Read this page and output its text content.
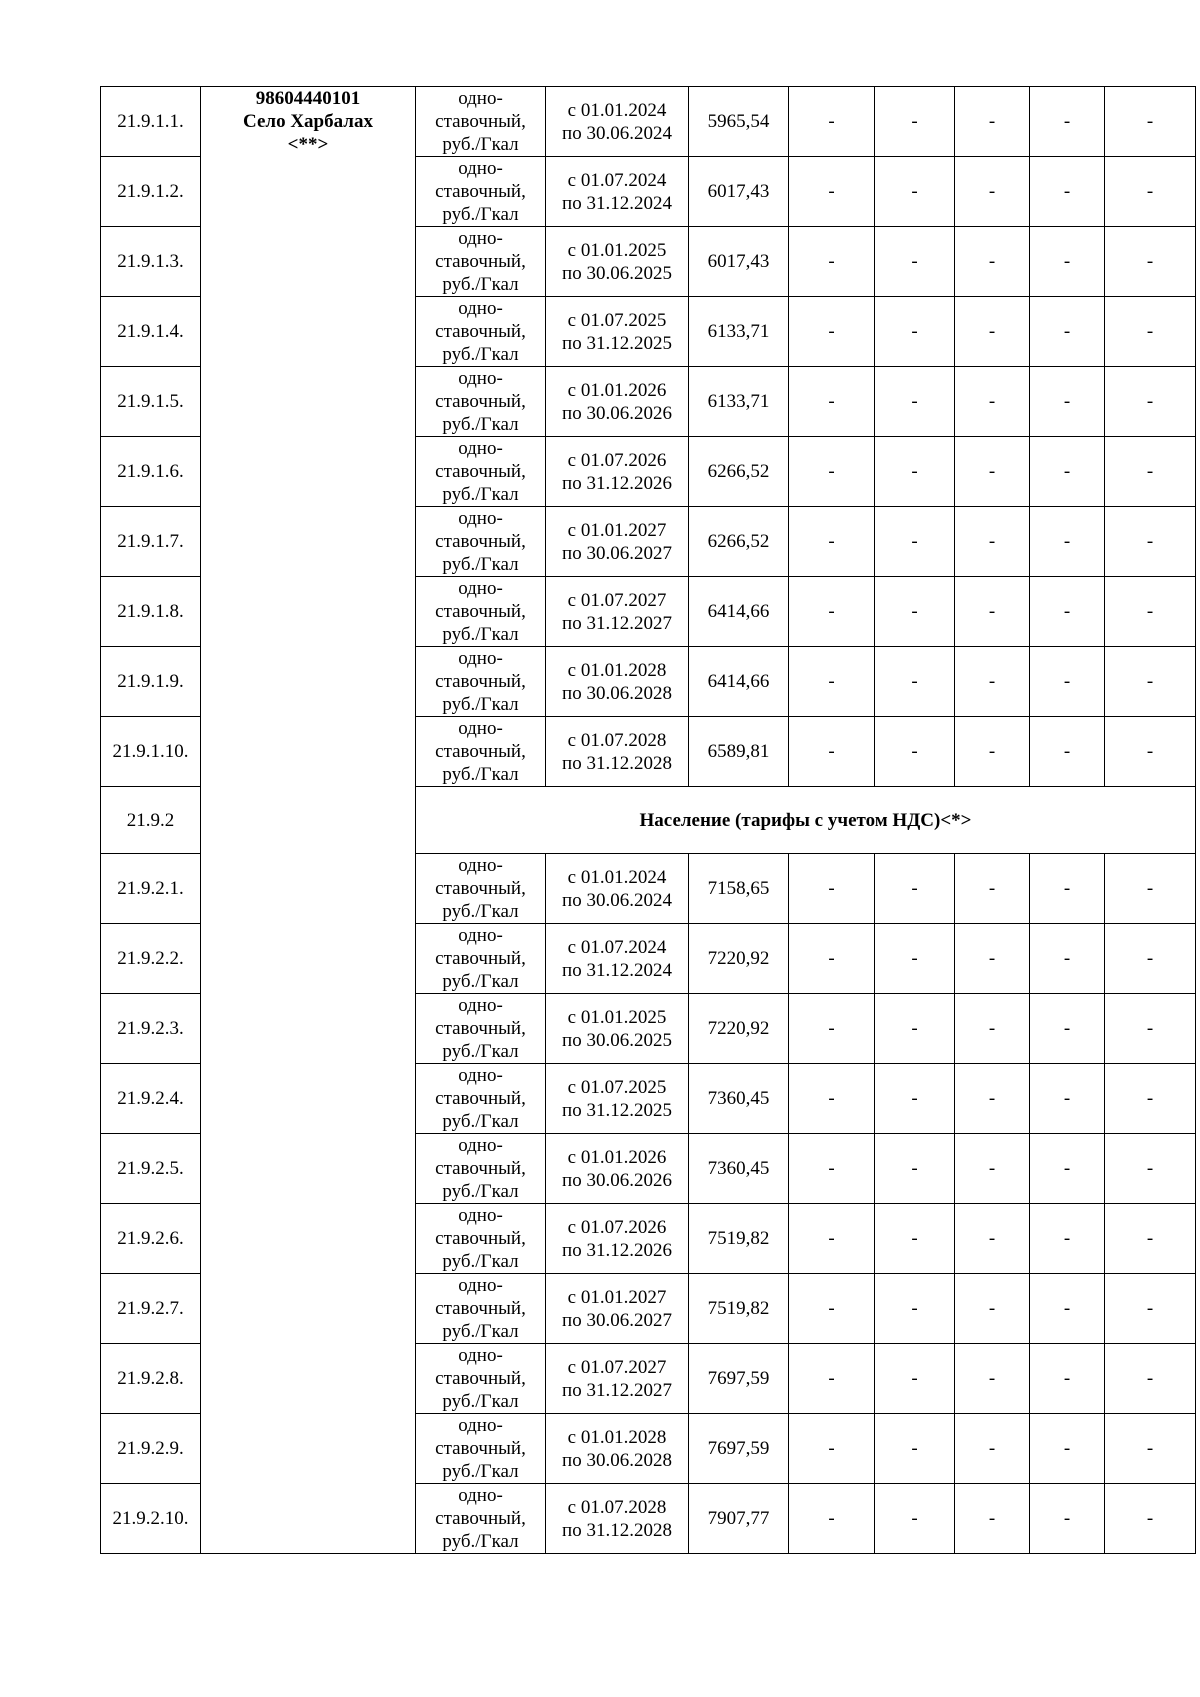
21.9.1.1.	98604440101
Село Харбалах
<**>	одно-
ставочный,
руб./Гкал	с 01.01.2024
по 30.06.2024	5965,54	-	-	-	-	-
21.9.1.2.		одно-
ставочный,
руб./Гкал	с 01.07.2024
по 31.12.2024	6017,43	-	-	-	-	-
21.9.1.3.		одно-
ставочный,
руб./Гкал	с 01.01.2025
по 30.06.2025	6017,43	-	-	-	-	-
21.9.1.4.		одно-
ставочный,
руб./Гкал	с 01.07.2025
по 31.12.2025	6133,71	-	-	-	-	-
21.9.1.5.		одно-
ставочный,
руб./Гкал	с 01.01.2026
по 30.06.2026	6133,71	-	-	-	-	-
21.9.1.6.		одно-
ставочный,
руб./Гкал	с 01.07.2026
по 31.12.2026	6266,52	-	-	-	-	-
21.9.1.7.		одно-
ставочный,
руб./Гкал	с 01.01.2027
по 30.06.2027	6266,52	-	-	-	-	-
21.9.1.8.		одно-
ставочный,
руб./Гкал	с 01.07.2027
по 31.12.2027	6414,66	-	-	-	-	-
21.9.1.9.		одно-
ставочный,
руб./Гкал	с 01.01.2028
по 30.06.2028	6414,66	-	-	-	-	-
21.9.1.10.		одно-
ставочный,
руб./Гкал	с 01.07.2028
по 31.12.2028	6589,81	-	-	-	-	-
21.9.2		Население (тарифы с учетом НДС)<*>							
21.9.2.1.		одно-
ставочный,
руб./Гкал	с 01.01.2024
по 30.06.2024	7158,65	-	-	-	-	-
21.9.2.2.		одно-
ставочный,
руб./Гкал	с 01.07.2024
по 31.12.2024	7220,92	-	-	-	-	-
21.9.2.3.		одно-
ставочный,
руб./Гкал	с 01.01.2025
по 30.06.2025	7220,92	-	-	-	-	-
21.9.2.4.		одно-
ставочный,
руб./Гкал	с 01.07.2025
по 31.12.2025	7360,45	-	-	-	-	-
21.9.2.5.		одно-
ставочный,
руб./Гкал	с 01.01.2026
по 30.06.2026	7360,45	-	-	-	-	-
21.9.2.6.		одно-
ставочный,
руб./Гкал	с 01.07.2026
по 31.12.2026	7519,82	-	-	-	-	-
21.9.2.7.		одно-
ставочный,
руб./Гкал	с 01.01.2027
по 30.06.2027	7519,82	-	-	-	-	-
21.9.2.8.		одно-
ставочный,
руб./Гкал	с 01.07.2027
по 31.12.2027	7697,59	-	-	-	-	-
21.9.2.9.		одно-
ставочный,
руб./Гкал	с 01.01.2028
по 30.06.2028	7697,59	-	-	-	-	-
21.9.2.10.		одно-
ставочный,
руб./Гкал	с 01.07.2028
по 31.12.2028	7907,77	-	-	-	-	-
